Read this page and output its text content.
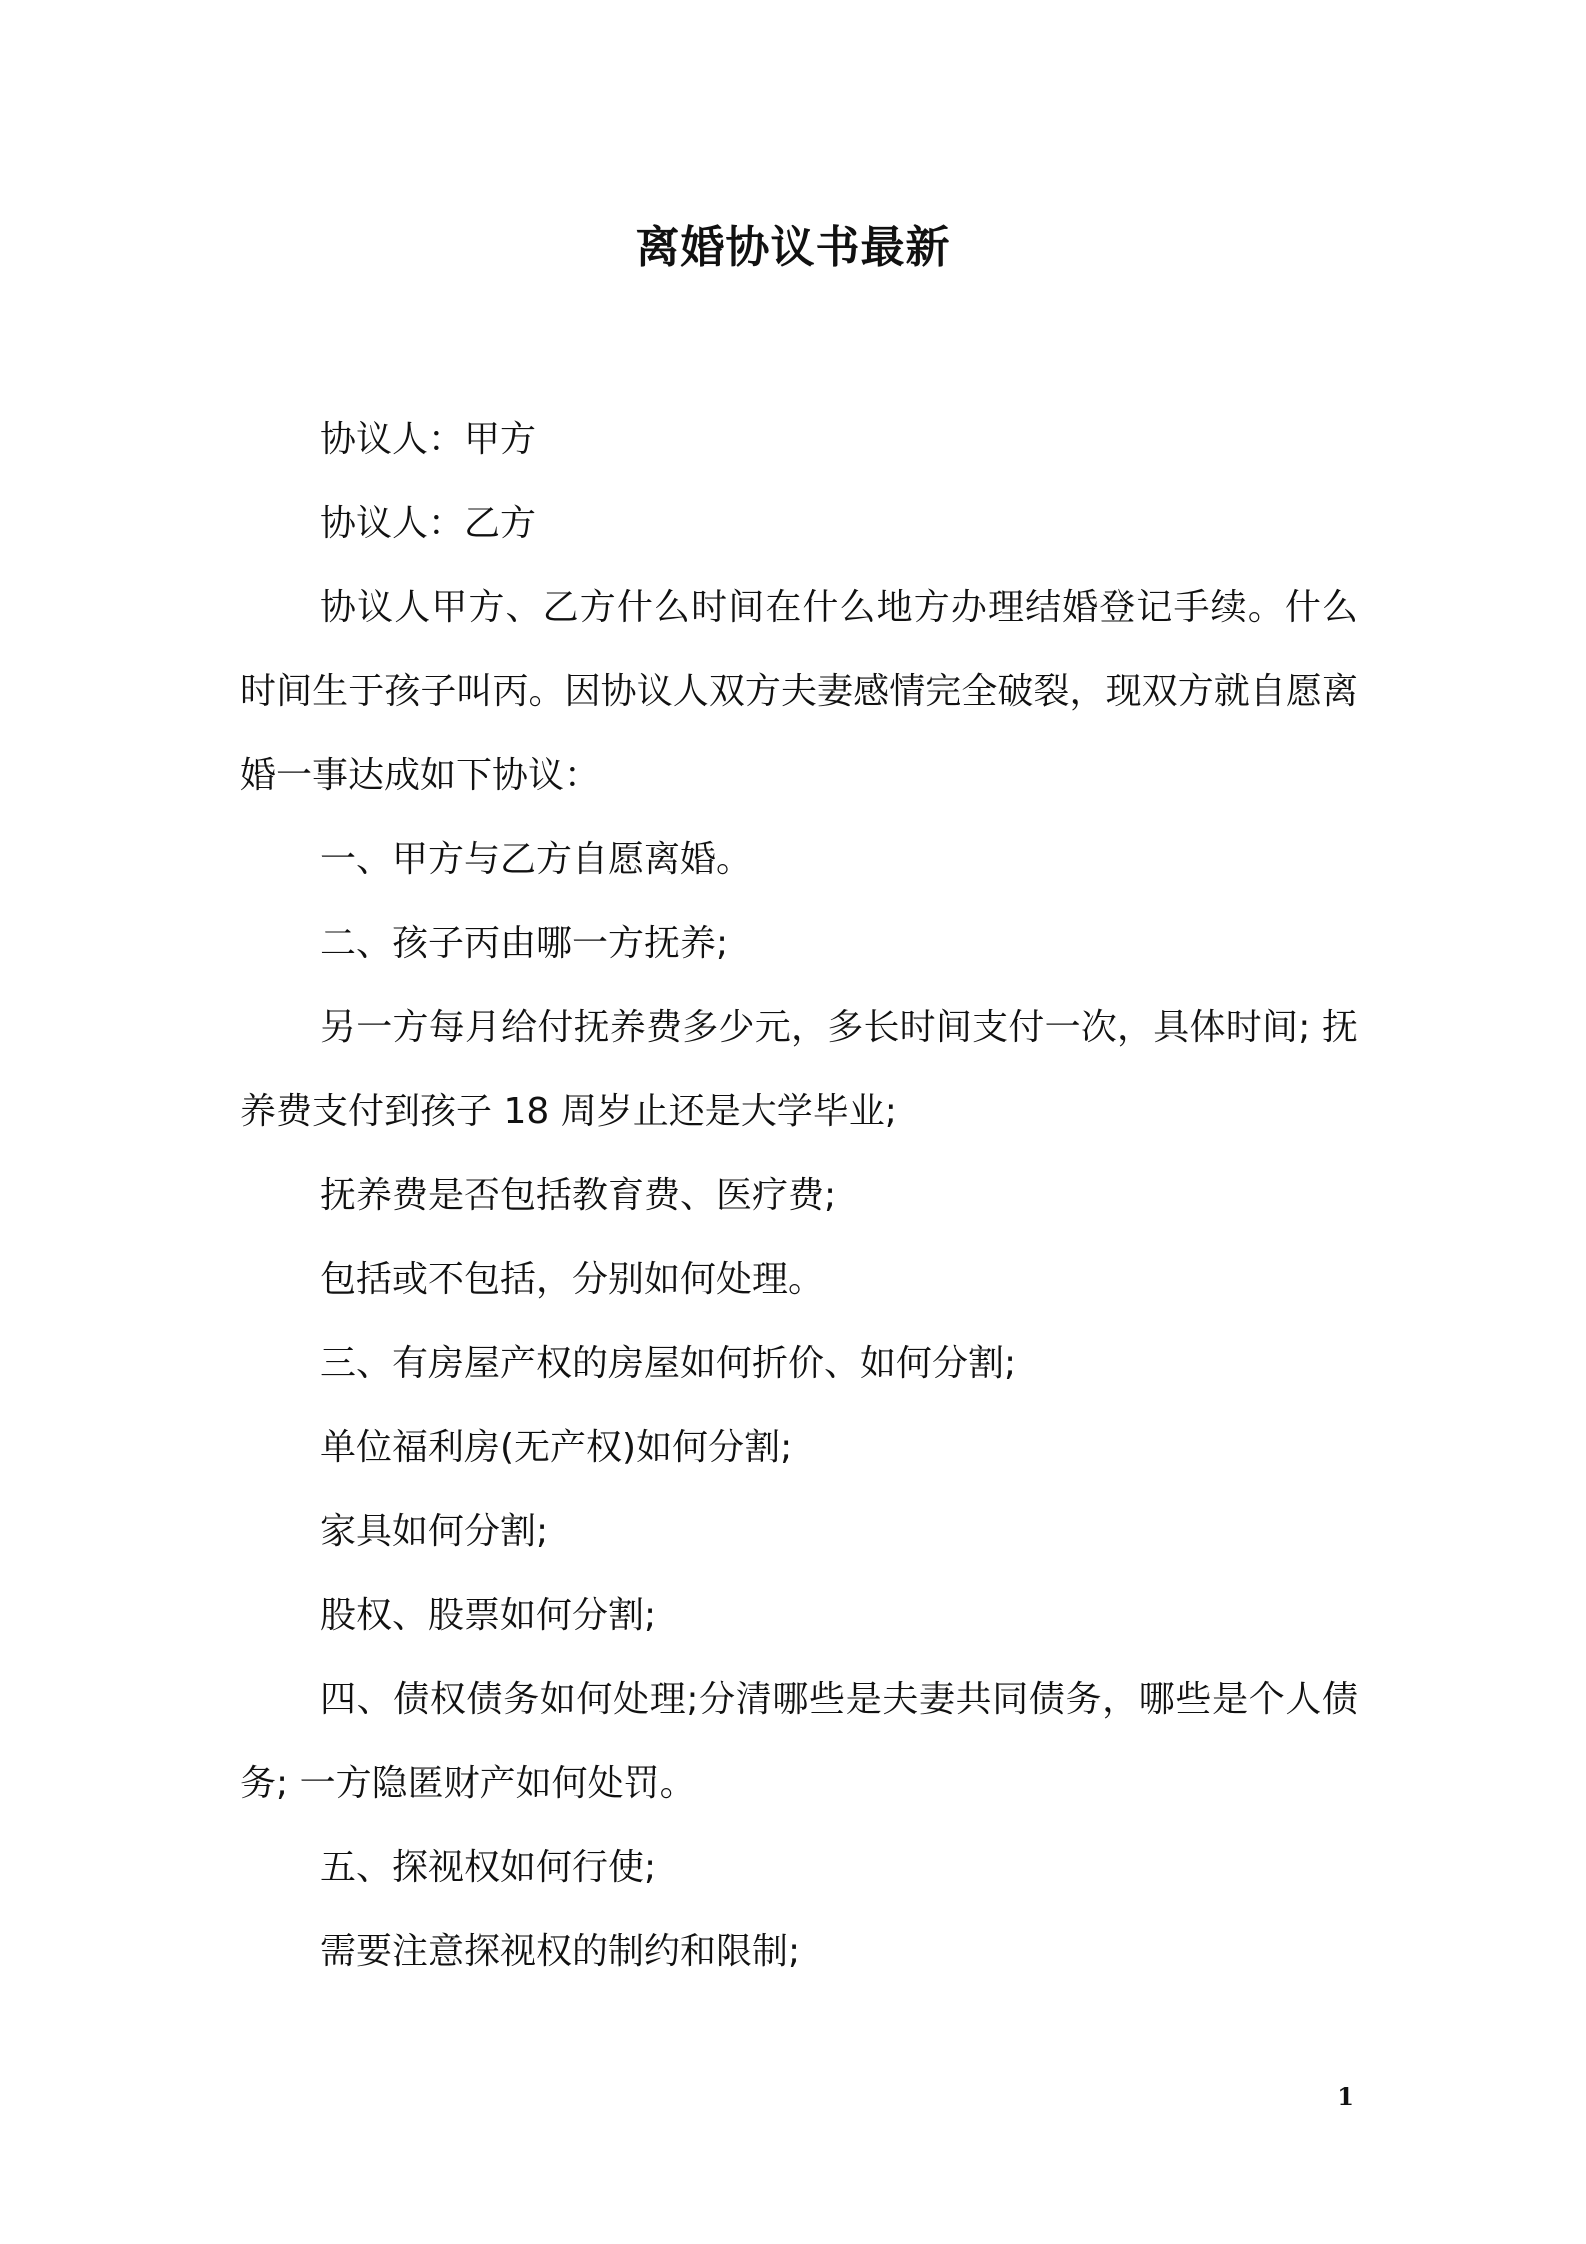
离婚协议书最新

协议人：甲方

协议人：乙方

协议人甲方、乙方什么时间在什么地方办理结婚登记手续。什么时间生于孩子叫丙。因协议人双方夫妻感情完全破裂，现双方就自愿离婚一事达成如下协议：

一、甲方与乙方自愿离婚。

二、孩子丙由哪一方抚养;

另一方每月给付抚养费多少元，多长时间支付一次，具体时间; 抚养费支付到孩子 18 周岁止还是大学毕业;

抚养费是否包括教育费、医疗费;

包括或不包括，分别如何处理。

三、有房屋产权的房屋如何折价、如何分割;

单位福利房(无产权)如何分割;

家具如何分割;

股权、股票如何分割;

四、债权债务如何处理;分清哪些是夫妻共同债务，哪些是个人债务; 一方隐匿财产如何处罚。

五、探视权如何行使;

需要注意探视权的制约和限制;

1
